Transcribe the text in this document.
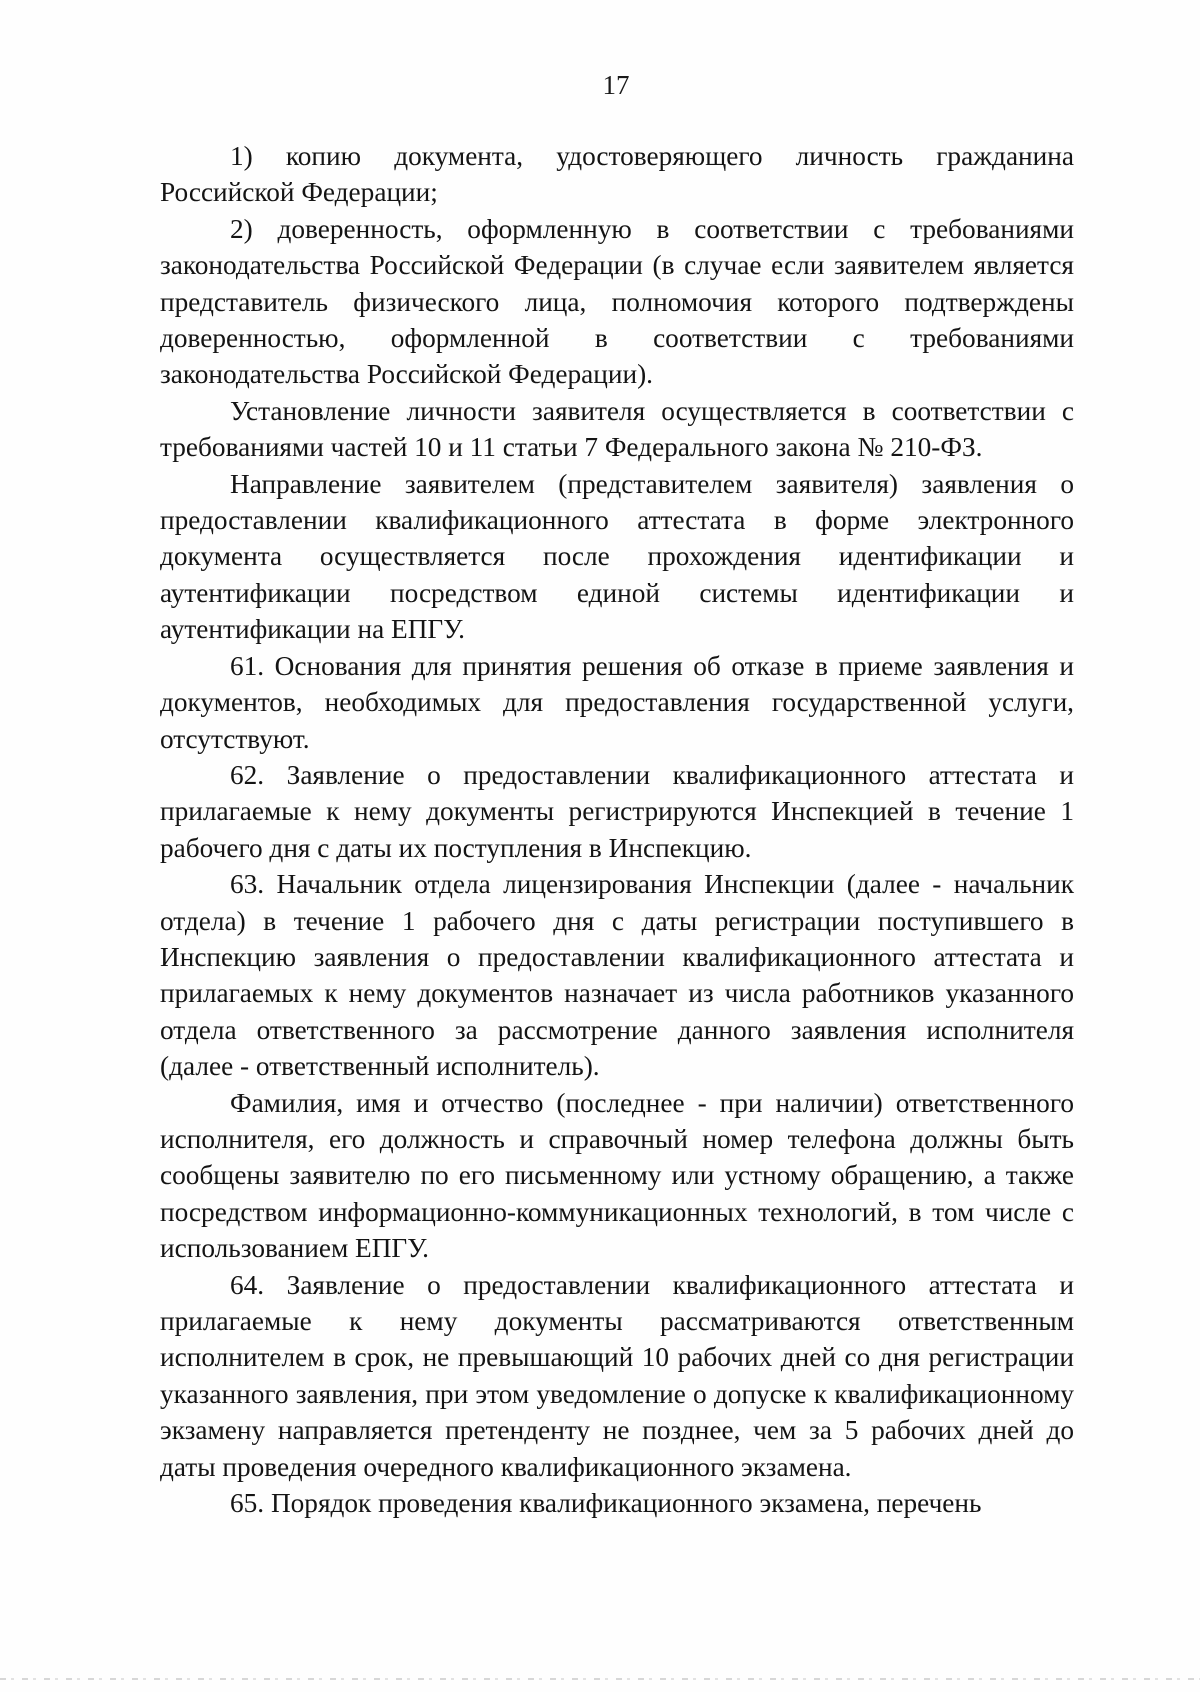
17

1) копию документа, удостоверяющего личность гражданина Российской Федерации;

2) доверенность, оформленную в соответствии с требованиями законодательства Российской Федерации (в случае если заявителем является представитель физического лица, полномочия которого подтверждены доверенностью, оформленной в соответствии с требованиями законодательства Российской Федерации).

Установление личности заявителя осуществляется в соответствии с требованиями частей 10 и 11 статьи 7 Федерального закона № 210-ФЗ.

Направление заявителем (представителем заявителя) заявления о предоставлении квалификационного аттестата в форме электронного документа осуществляется после прохождения идентификации и аутентификации посредством единой системы идентификации и аутентификации на ЕПГУ.

61. Основания для принятия решения об отказе в приеме заявления и документов, необходимых для предоставления государственной услуги, отсутствуют.

62. Заявление о предоставлении квалификационного аттестата и прилагаемые к нему документы регистрируются Инспекцией в течение 1 рабочего дня с даты их поступления в Инспекцию.

63. Начальник отдела лицензирования Инспекции (далее - начальник отдела) в течение 1 рабочего дня с даты регистрации поступившего в Инспекцию заявления о предоставлении квалификационного аттестата и прилагаемых к нему документов назначает из числа работников указанного отдела ответственного за рассмотрение данного заявления исполнителя (далее - ответственный исполнитель).

Фамилия, имя и отчество (последнее - при наличии) ответственного исполнителя, его должность и справочный номер телефона должны быть сообщены заявителю по его письменному или устному обращению, а также посредством информационно-коммуникационных технологий, в том числе с использованием ЕПГУ.

64. Заявление о предоставлении квалификационного аттестата и прилагаемые к нему документы рассматриваются ответственным исполнителем в срок, не превышающий 10 рабочих дней со дня регистрации указанного заявления, при этом уведомление о допуске к квалификационному экзамену направляется претенденту не позднее, чем за 5 рабочих дней до даты проведения очередного квалификационного экзамена.

65. Порядок проведения квалификационного экзамена, перечень
